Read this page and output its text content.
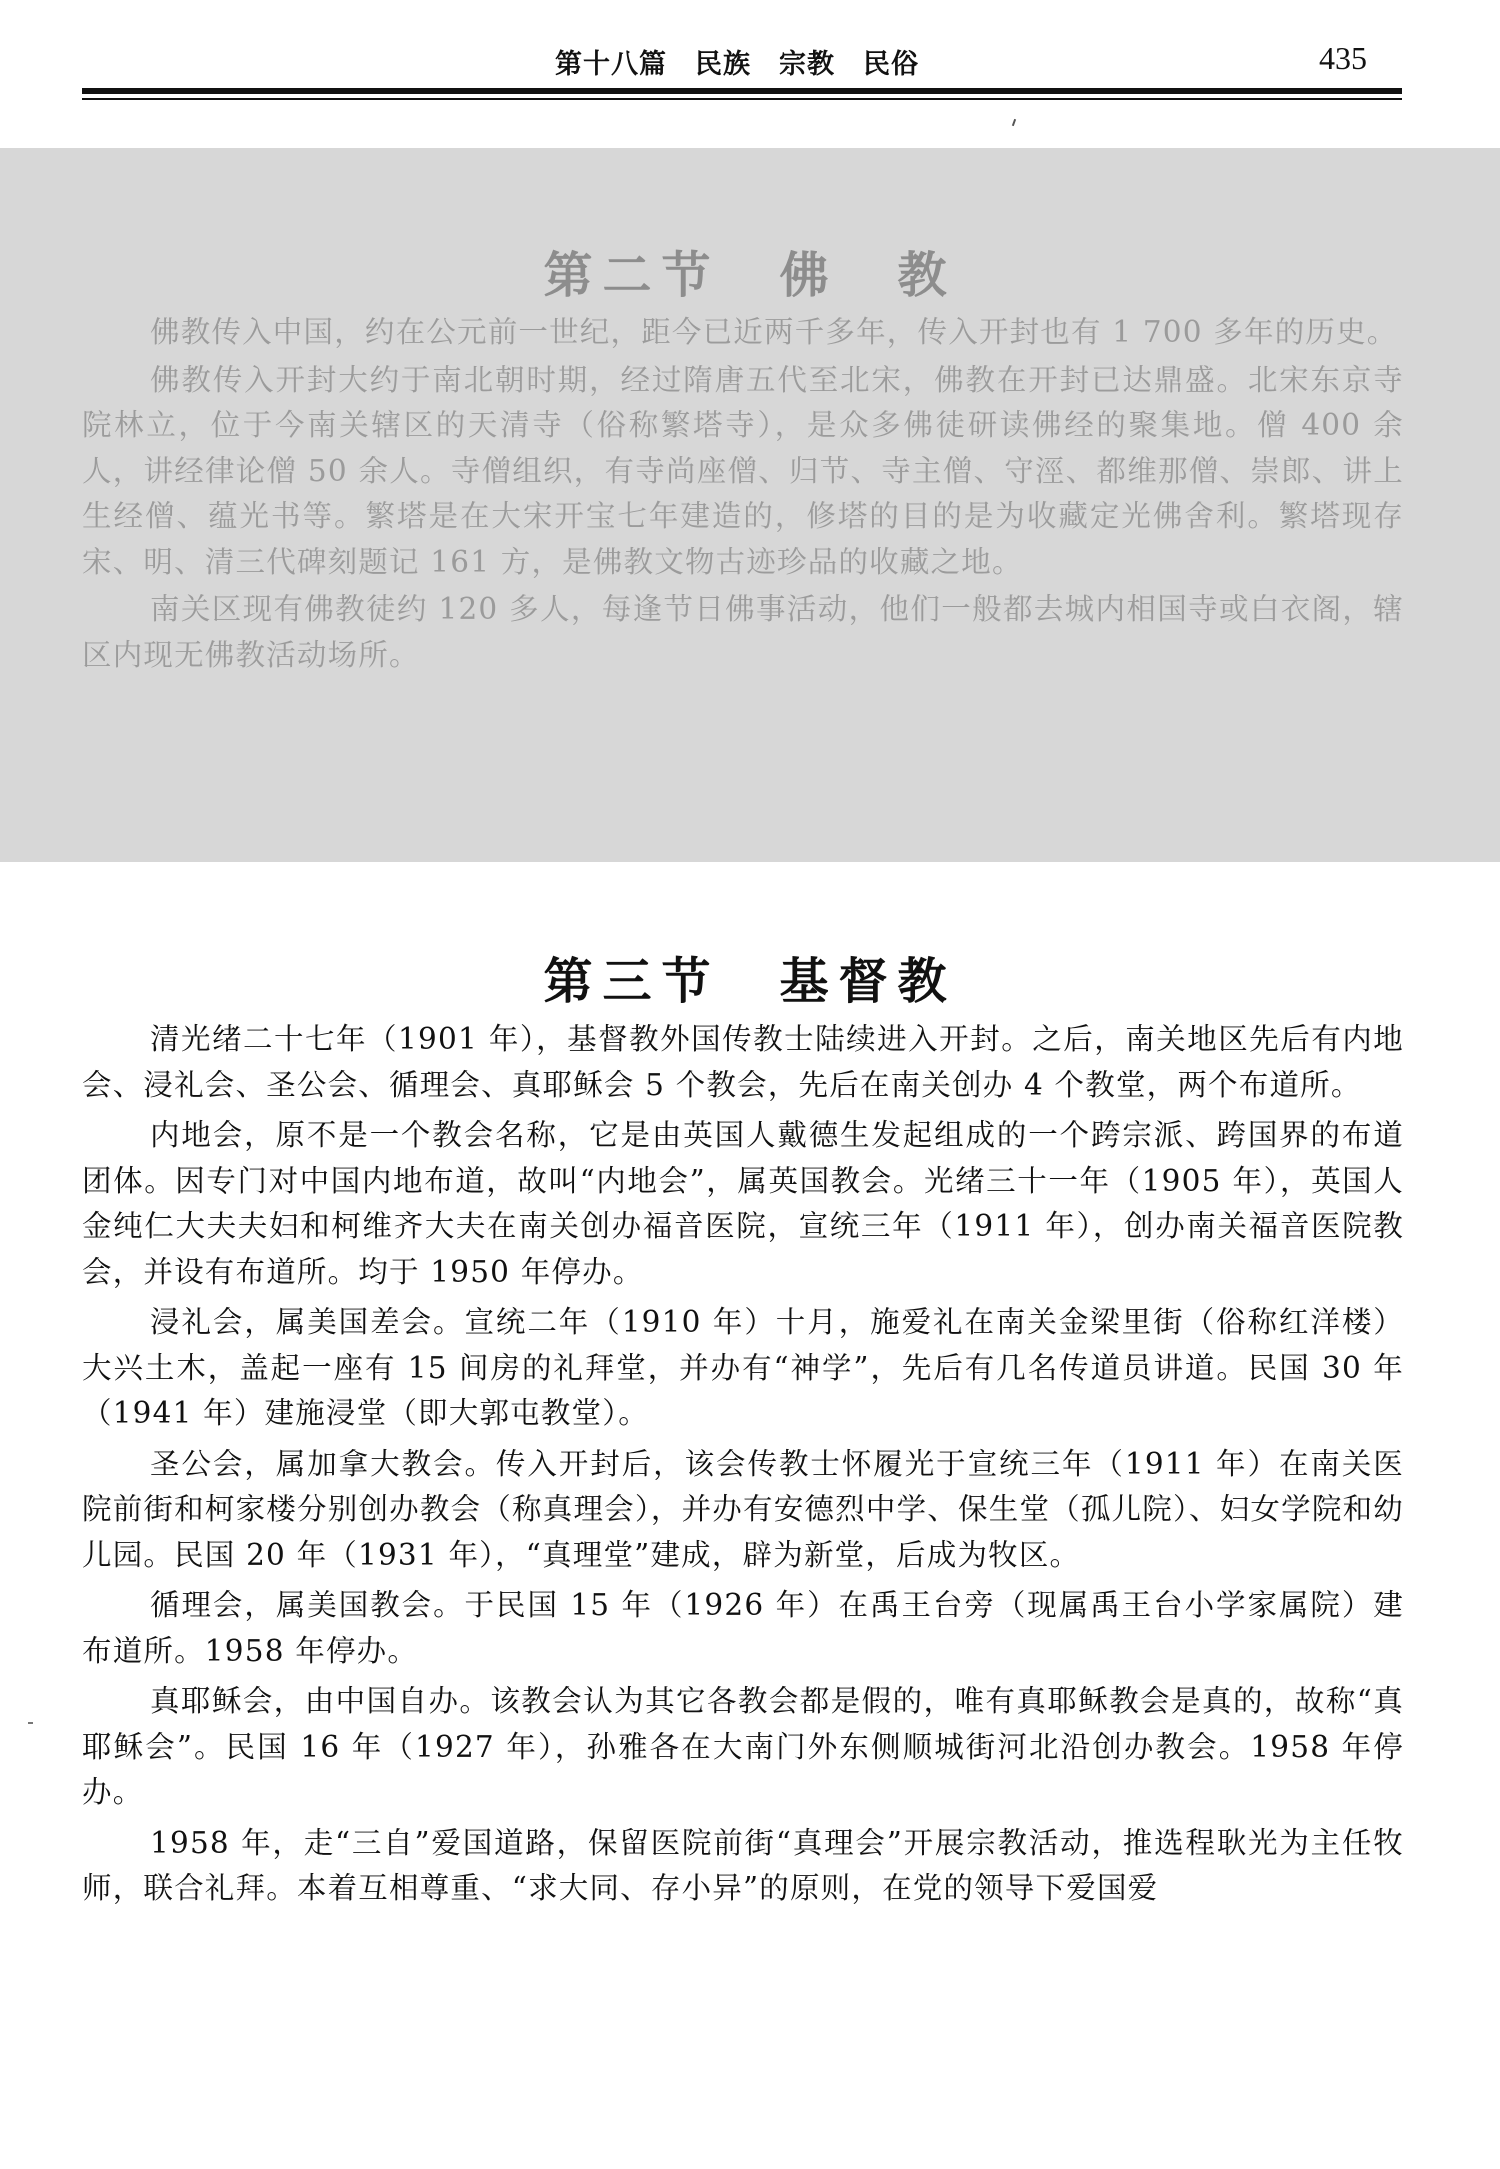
第十八篇　民族　宗教　民俗	435
第二节　佛　教

佛教传入中国，约在公元前一世纪，距今已近两千多年，传入开封也有 1 700 多年的历史。

佛教传入开封大约于南北朝时期，经过隋唐五代至北宋，佛教在开封已达鼎盛。北宋东京寺院林立，位于今南关辖区的天清寺（俗称繁塔寺），是众多佛徒研读佛经的聚集地。僧 400 余人，讲经律论僧 50 余人。寺僧组织，有寺尚座僧、归节、寺主僧、守涇、都维那僧、崇郎、讲上生经僧、蕴光书等。繁塔是在大宋开宝七年建造的，修塔的目的是为收藏定光佛舍利。繁塔现存宋、明、清三代碑刻题记 161 方，是佛教文物古迹珍品的收藏之地。

南关区现有佛教徒约 120 多人，每逢节日佛事活动，他们一般都去城内相国寺或白衣阁，辖区内现无佛教活动场所。

第三节　基督教

清光绪二十七年（1901 年），基督教外国传教士陆续进入开封。之后，南关地区先后有内地会、浸礼会、圣公会、循理会、真耶稣会 5 个教会，先后在南关创办 4 个教堂，两个布道所。

内地会，原不是一个教会名称，它是由英国人戴德生发起组成的一个跨宗派、跨国界的布道团体。因专门对中国内地布道，故叫“内地会”，属英国教会。光绪三十一年（1905 年），英国人金纯仁大夫夫妇和柯维齐大夫在南关创办福音医院，宣统三年（1911 年），创办南关福音医院教会，并设有布道所。均于 1950 年停办。

浸礼会，属美国差会。宣统二年（1910 年）十月，施爱礼在南关金梁里街（俗称红洋楼）大兴土木，盖起一座有 15 间房的礼拜堂，并办有“神学”，先后有几名传道员讲道。民国 30 年（1941 年）建施浸堂（即大郭屯教堂）。

圣公会，属加拿大教会。传入开封后，该会传教士怀履光于宣统三年（1911 年）在南关医院前街和柯家楼分别创办教会（称真理会），并办有安德烈中学、保生堂（孤儿院）、妇女学院和幼儿园。民国 20 年（1931 年），“真理堂”建成，辟为新堂，后成为牧区。

循理会，属美国教会。于民国 15 年（1926 年）在禹王台旁（现属禹王台小学家属院）建布道所。1958 年停办。

真耶稣会，由中国自办。该教会认为其它各教会都是假的，唯有真耶稣教会是真的，故称“真耶稣会”。民国 16 年（1927 年），孙雅各在大南门外东侧顺城街河北沿创办教会。1958 年停办。

1958 年，走“三自”爱国道路，保留医院前街“真理会”开展宗教活动，推选程耿光为主任牧师，联合礼拜。本着互相尊重、“求大同、存小异”的原则，在党的领导下爱国爱
